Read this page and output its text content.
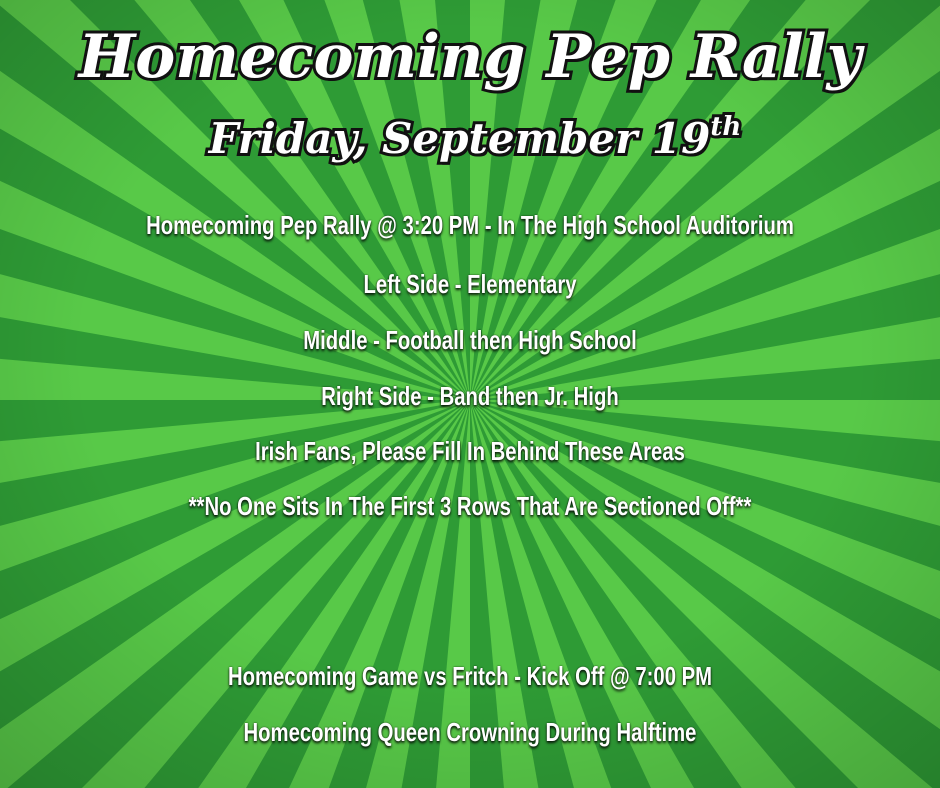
Homecoming Pep Rally
Friday, September 19th
Homecoming Pep Rally @ 3:20 PM - In The High School Auditorium
Left Side - Elementary
Middle - Football then High School
Right Side - Band then Jr. High
Irish Fans, Please Fill In Behind These Areas
**No One Sits In The First 3 Rows That Are Sectioned Off**
Homecoming Game vs Fritch - Kick Off @ 7:00 PM
Homecoming Queen Crowning During Halftime
